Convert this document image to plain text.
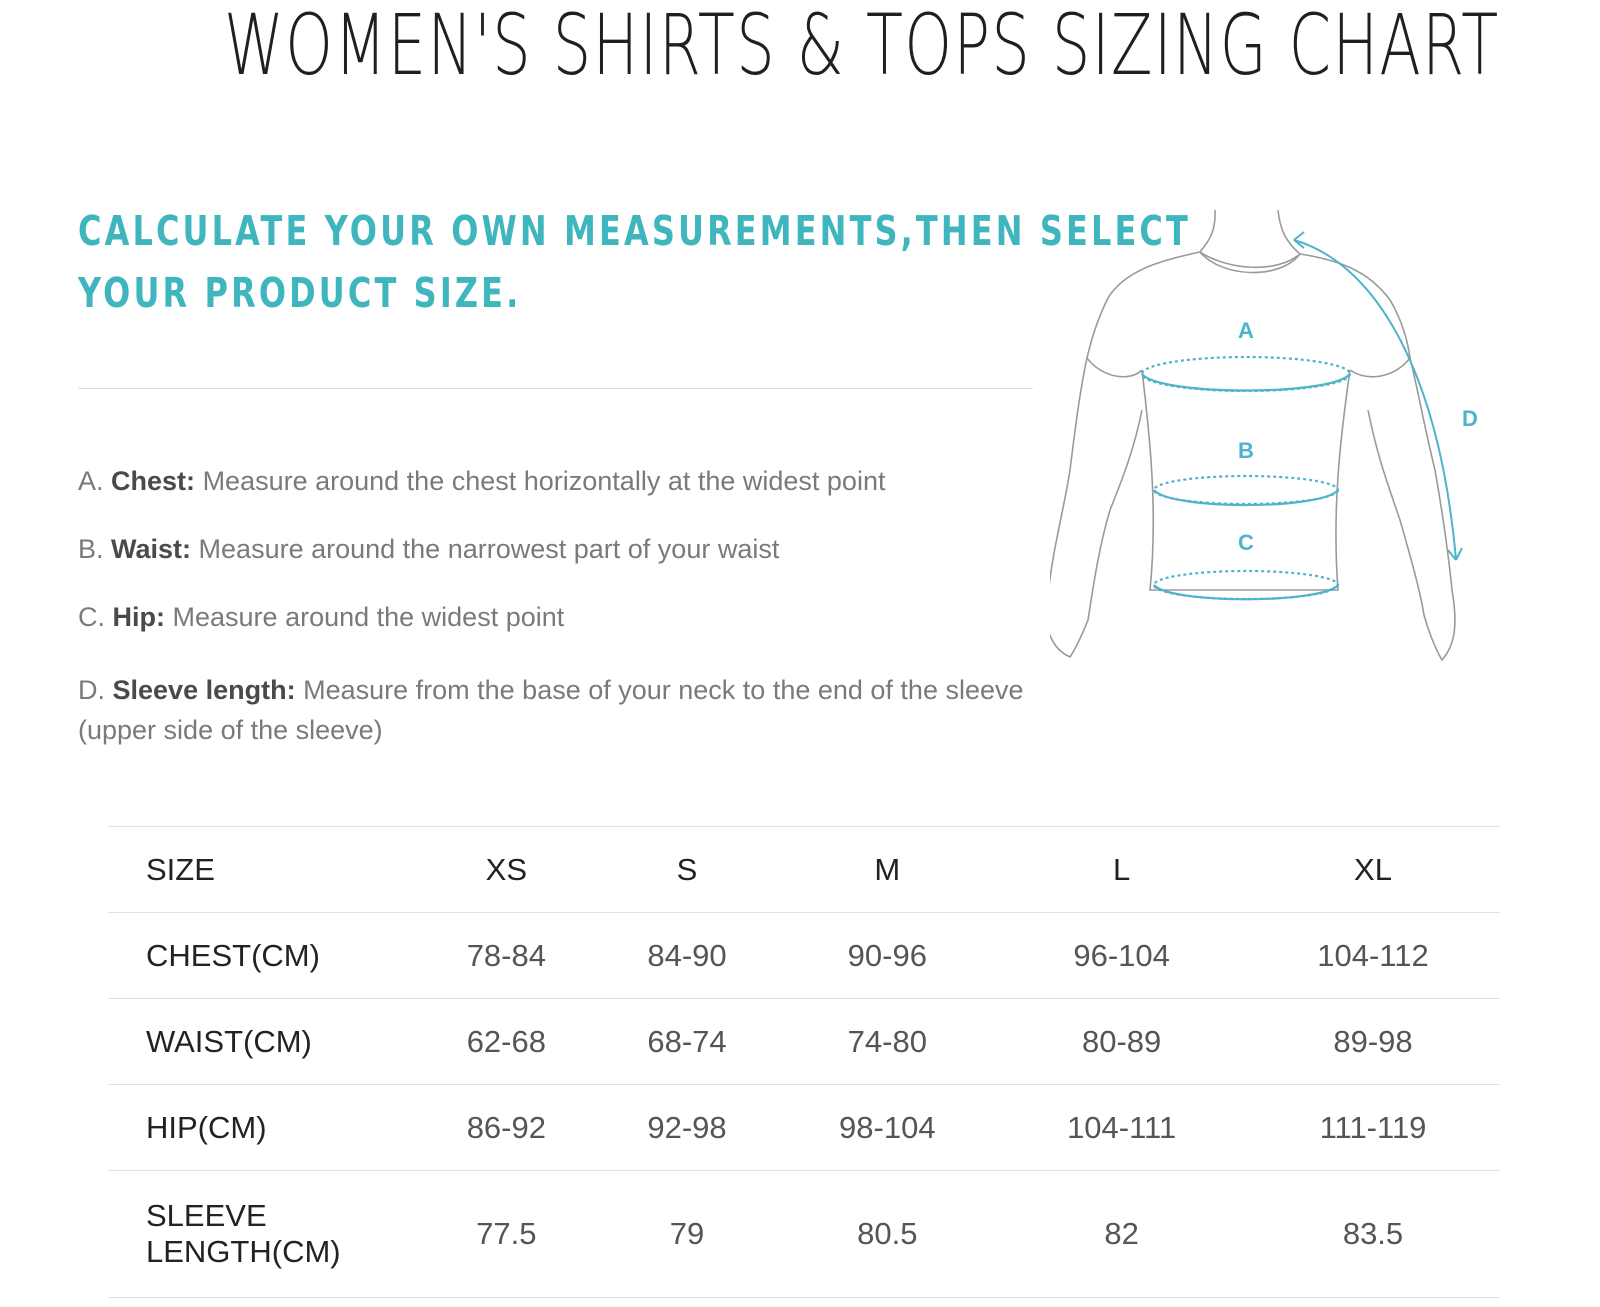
WOMEN'S SHIRTS & TOPS SIZING CHART
CALCULATE YOUR OWN MEASUREMENTS,THEN SELECT
YOUR PRODUCT SIZE.
A. Chest: Measure around the chest horizontally at the widest point
B. Waist: Measure around the narrowest part of your waist
C. Hip: Measure around the widest point
D. Sleeve length: Measure from the base of your neck to the end of the sleeve
(upper side of the sleeve)
A
B
C
D
SIZE	XS	S	M	L	XL
CHEST(CM)	78-84	84-90	90-96	96-104	104-112
WAIST(CM)	62-68	68-74	74-80	80-89	89-98
HIP(CM)	86-92	92-98	98-104	104-111	111-119
SLEEVE
LENGTH(CM)	77.5	79	80.5	82	83.5
